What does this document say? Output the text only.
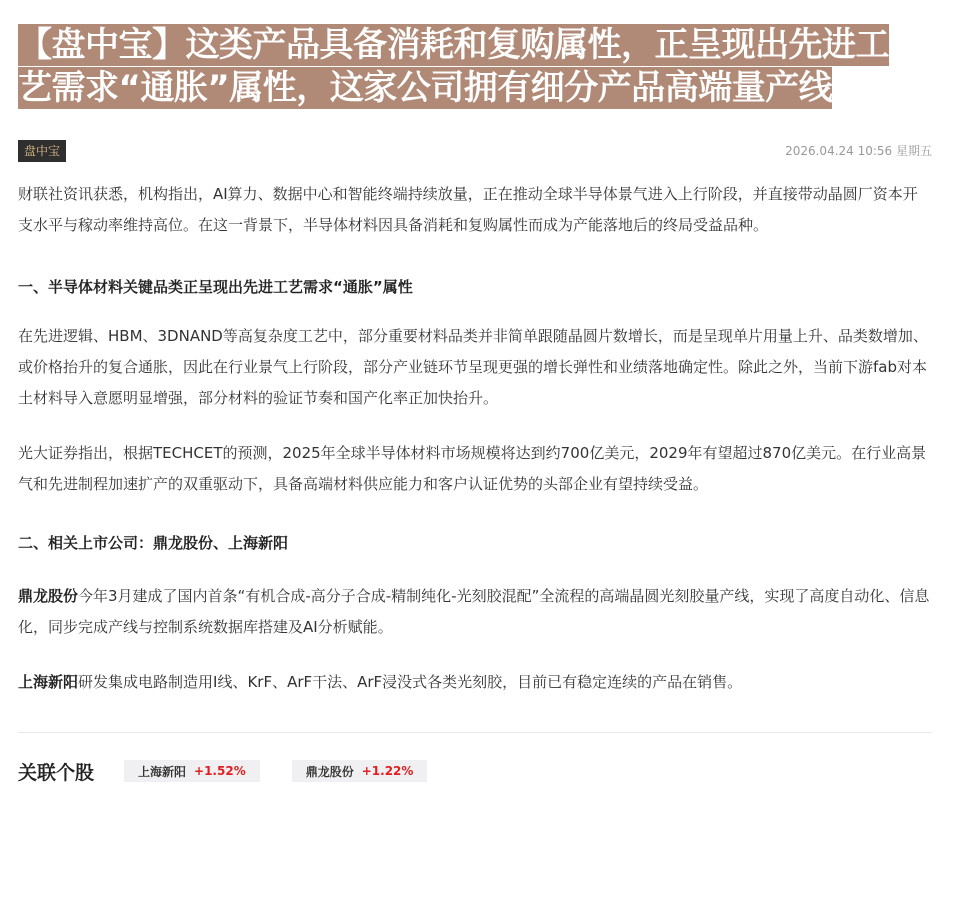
【盘中宝】这类产品具备消耗和复购属性，正呈现出先进工
艺需求“通胀”属性，这家公司拥有细分产品高端量产线
盘中宝	2026.04.24 10:56 星期五

财联社资讯获悉，机构指出，AI算力、数据中心和智能终端持续放量，正在推动全球半导体景气进入上行阶段，并直接带动晶圆厂资本开支水平与稼动率维持高位。在这一背景下，半导体材料因具备消耗和复购属性而成为产能落地后的终局受益品种。

一、半导体材料关键品类正呈现出先进工艺需求“通胀”属性

在先进逻辑、HBM、3DNAND等高复杂度工艺中，部分重要材料品类并非简单跟随晶圆片数增长，而是呈现单片用量上升、品类数增加、或价格抬升的复合通胀，因此在行业景气上行阶段，部分产业链环节呈现更强的增长弹性和业绩落地确定性。除此之外，当前下游fab对本土材料导入意愿明显增强，部分材料的验证节奏和国产化率正加快抬升。

光大证券指出，根据TECHCET的预测，2025年全球半导体材料市场规模将达到约700亿美元，2029年有望超过870亿美元。在行业高景气和先进制程加速扩产的双重驱动下，具备高端材料供应能力和客户认证优势的头部企业有望持续受益。

二、相关上市公司：鼎龙股份、上海新阳

鼎龙股份今年3月建成了国内首条“有机合成-高分子合成-精制纯化-光刻胶混配”全流程的高端晶圆光刻胶量产线，实现了高度自动化、信息化，同步完成产线与控制系统数据库搭建及AI分析赋能。

上海新阳研发集成电路制造用I线、KrF、ArF干法、ArF浸没式各类光刻胶，目前已有稳定连续的产品在销售。

关联个股	上海新阳 +1.52%	鼎龙股份 +1.22%
